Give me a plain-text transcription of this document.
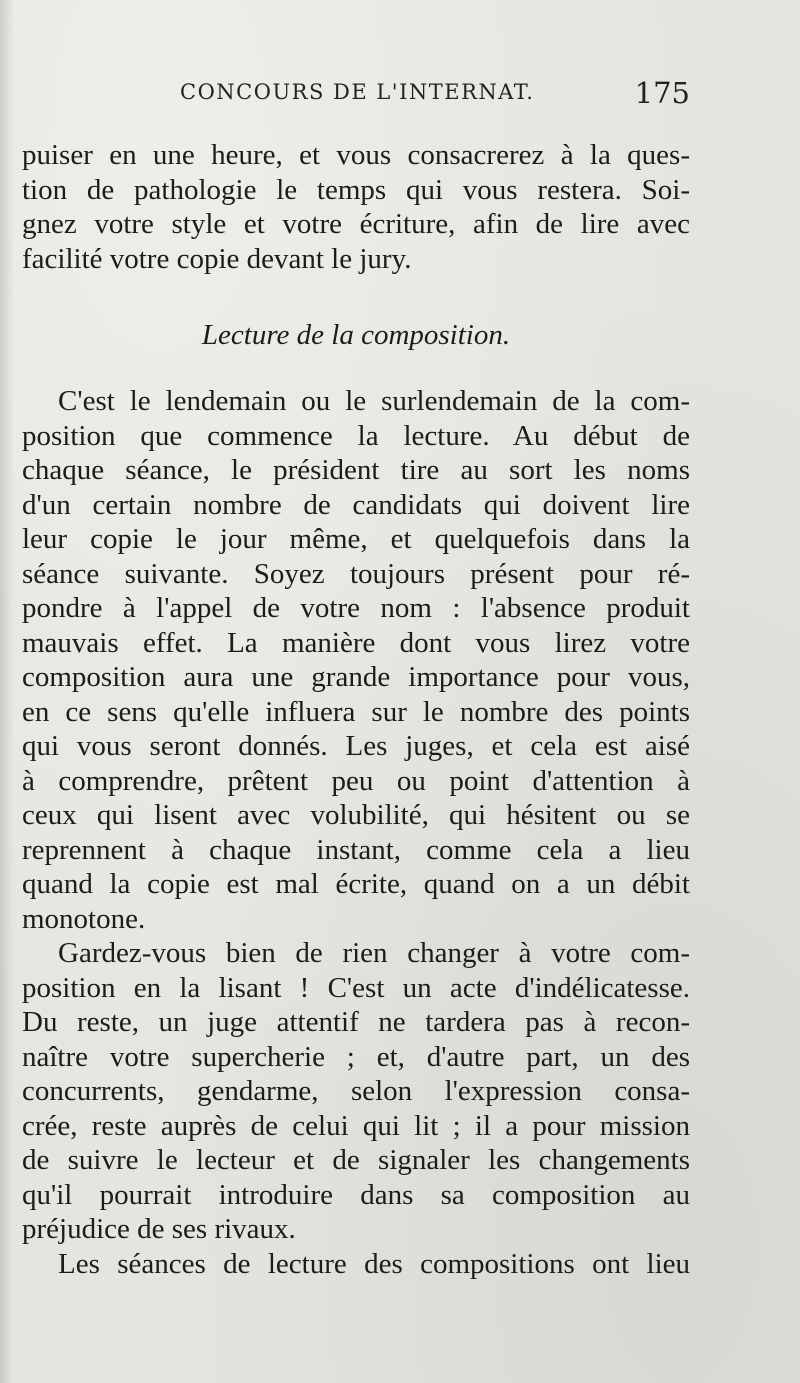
CONCOURS DE L'INTERNAT.	175
puiser en une heure, et vous consacrerez à la ques-
tion de pathologie le temps qui vous restera. Soi-
gnez votre style et votre écriture, afin de lire avec
facilité votre copie devant le jury.
Lecture de la composition.
C'est le lendemain ou le surlendemain de la com-
position que commence la lecture. Au début de
chaque séance, le président tire au sort les noms
d'un certain nombre de candidats qui doivent lire
leur copie le jour même, et quelquefois dans la
séance suivante. Soyez toujours présent pour ré-
pondre à l'appel de votre nom : l'absence produit
mauvais effet. La manière dont vous lirez votre
composition aura une grande importance pour vous,
en ce sens qu'elle influera sur le nombre des points
qui vous seront donnés. Les juges, et cela est aisé
à comprendre, prêtent peu ou point d'attention à
ceux qui lisent avec volubilité, qui hésitent ou se
reprennent à chaque instant, comme cela a lieu
quand la copie est mal écrite, quand on a un débit
monotone.
Gardez-vous bien de rien changer à votre com-
position en la lisant ! C'est un acte d'indélicatesse.
Du reste, un juge attentif ne tardera pas à recon-
naître votre supercherie ; et, d'autre part, un des
concurrents, gendarme, selon l'expression consa-
crée, reste auprès de celui qui lit ; il a pour mission
de suivre le lecteur et de signaler les changements
qu'il pourrait introduire dans sa composition au
préjudice de ses rivaux.
Les séances de lecture des compositions ont lieu
